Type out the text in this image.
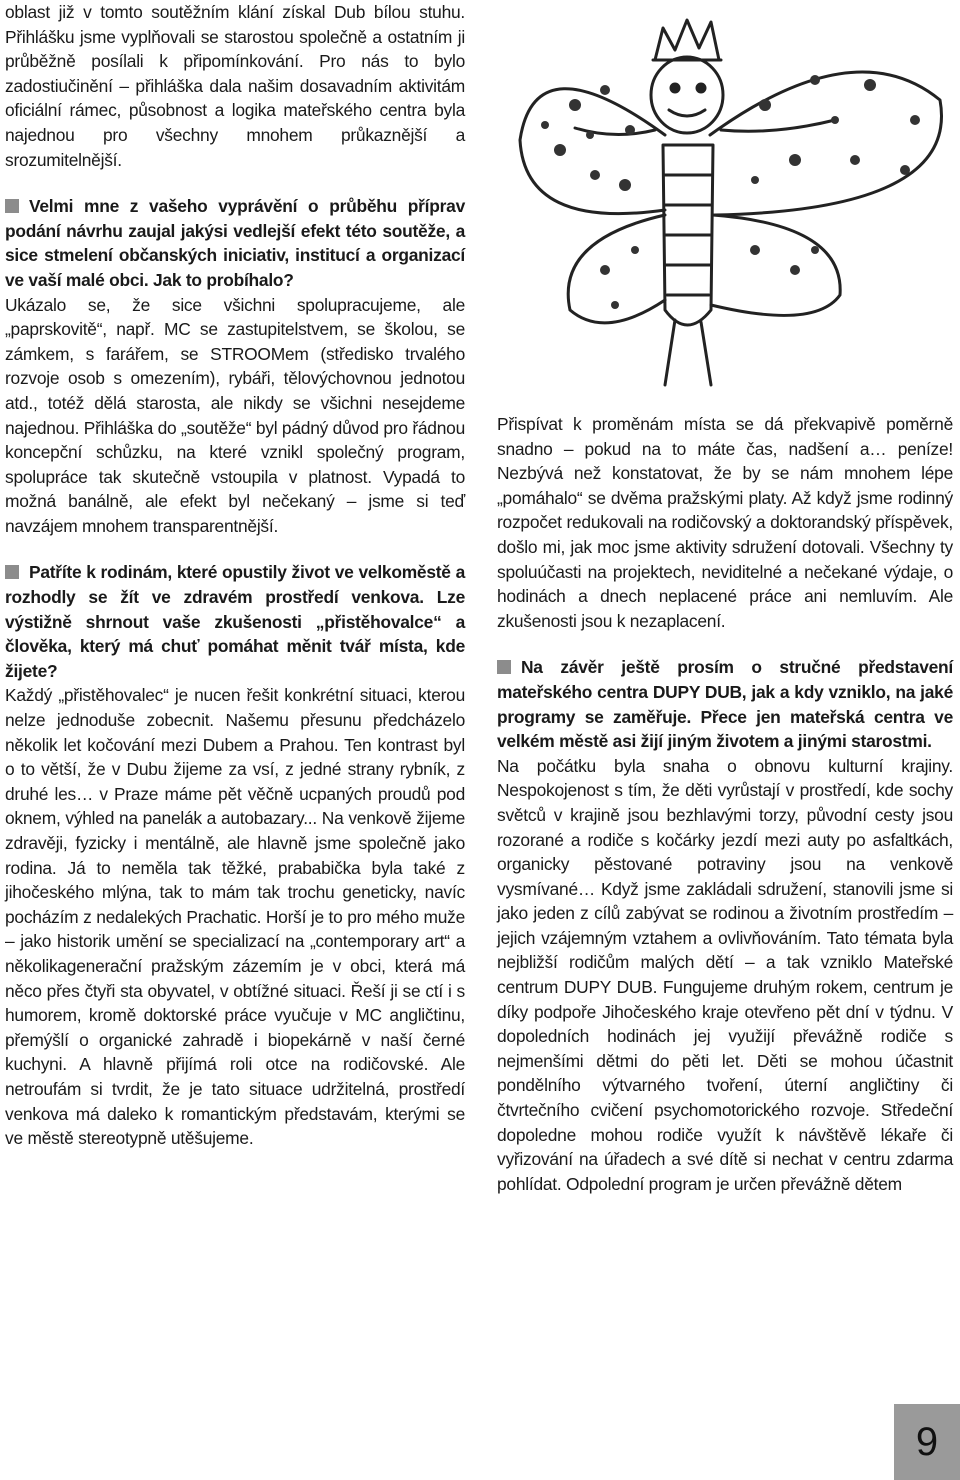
oblast již v tomto soutěžním klání získal Dub bílou stuhu. Přihlášku jsme vyplňovali se starostou společně a ostatním ji průběžně posílali k připomínkování. Pro nás to bylo zadostiučinění – přihláška dala našim dosavadním aktivitám oficiální rámec, působnost a logika mateřského centra byla najednou pro všechny mnohem průkaznější a srozumitelnější.

Velmi mne z vašeho vyprávění o průběhu příprav podání návrhu zaujal jakýsi vedlejší efekt této soutěže, a sice stmelení občanských iniciativ, institucí a organizací ve vaší malé obci. Jak to probíhalo?

Ukázalo se, že sice všichni spolupracujeme, ale „paprskovitě“, např. MC se zastupitelstvem, se školou, se zámkem, s farářem, se STROOMem (středisko trvalého rozvoje osob s omezením), rybáři, tělovýchovnou jednotou atd., totéž dělá starosta, ale nikdy se všichni nesejdeme najednou. Přihláška do „soutěže“ byl pádný důvod pro řádnou koncepční schůzku, na které vznikl společný program, spolupráce tak skutečně vstoupila v platnost. Vypadá to možná banálně, ale efekt byl nečekaný – jsme si teď navzájem mnohem transparentnější.

Patříte k rodinám, které opustily život ve velkoměstě a rozhodly se žít ve zdravém prostředí venkova. Lze výstižně shrnout vaše zkušenosti „přistěhovalce“ a člověka, který má chuť pomáhat měnit tvář místa, kde žijete?

Každý „přistěhovalec“ je nucen řešit konkrétní situaci, kterou nelze jednoduše zobecnit. Našemu přesunu předcházelo několik let kočování mezi Dubem a Prahou. Ten kontrast byl o to větší, že v Dubu žijeme za vsí, z jedné strany rybník, z druhé les… v Praze máme pět věčně ucpaných proudů pod oknem, výhled na panelák a autobazary... Na venkově žijeme zdravěji, fyzicky i mentálně, ale hlavně jsme společně jako rodina. Já to neměla tak těžké, prababička byla také z jihočeského mlýna, tak to mám tak trochu geneticky, navíc pocházím z nedalekých Prachatic. Horší je to pro mého muže – jako historik umění se specializací na „contemporary art“ a několikagenerační pražským zázemím je v obci, která má něco přes čtyři sta obyvatel, v obtížné situaci. Řeší ji se ctí i s humorem, kromě doktorské práce vyučuje v MC angličtinu, přemýšlí o organické zahradě i biopekárně v naší černé kuchyni. A hlavně přijímá roli otce na rodičovské. Ale netroufám si tvrdit, že je tato situace udržitelná, prostředí venkova má daleko k romantickým představám, kterými se ve městě stereotypně utěšujeme.

Přispívat k proměnám místa se dá překvapivě poměrně snadno – pokud na to máte čas, nadšení a… peníze! Nezbývá než konstatovat, že by se nám mnohem lépe „pomáhalo“ se dvěma pražskými platy. Až když jsme rodinný rozpočet redukovali na rodičovský a doktorandský příspěvek, došlo mi, jak moc jsme aktivity sdružení dotovali. Všechny ty spoluúčasti na projektech, neviditelné a nečekané výdaje, o hodinách a dnech neplacené práce ani nemluvím. Ale zkušenosti jsou k nezaplacení.

Na závěr ještě prosím o stručné představení mateřského centra DUPY DUB, jak a kdy vzniklo, na jaké programy se zaměřuje. Přece jen mateřská centra ve velkém městě asi žijí jiným životem a jinými starostmi.

Na počátku byla snaha o obnovu kulturní krajiny. Nespokojenost s tím, že děti vyrůstají v prostředí, kde sochy světců v krajině jsou bezhlavými torzy, původní cesty jsou rozorané a rodiče s kočárky jezdí mezi auty po asfaltkách, organicky pěstované potraviny jsou na venkově vysmívané… Když jsme zakládali sdružení, stanovili jsme si jako jeden z cílů zabývat se rodinou a životním prostředím – jejich vzájemným vztahem a ovlivňováním. Tato témata byla nejbližší rodičům malých dětí – a tak vzniklo Mateřské centrum DUPY DUB. Fungujeme druhým rokem, centrum je díky podpoře Jihočeského kraje otevřeno pět dní v týdnu. V dopoledních hodinách jej využijí převážně rodiče s nejmenšími dětmi do pěti let. Děti se mohou účastnit pondělního výtvarného tvoření, úterní angličtiny či čtvrtečního cvičení psychomotorického rozvoje. Středeční dopoledne mohou rodiče využít k návštěvě lékaře či vyřizování na úřadech a své dítě si nechat v centru zdarma pohlídat. Odpolední program je určen převážně dětem

9
